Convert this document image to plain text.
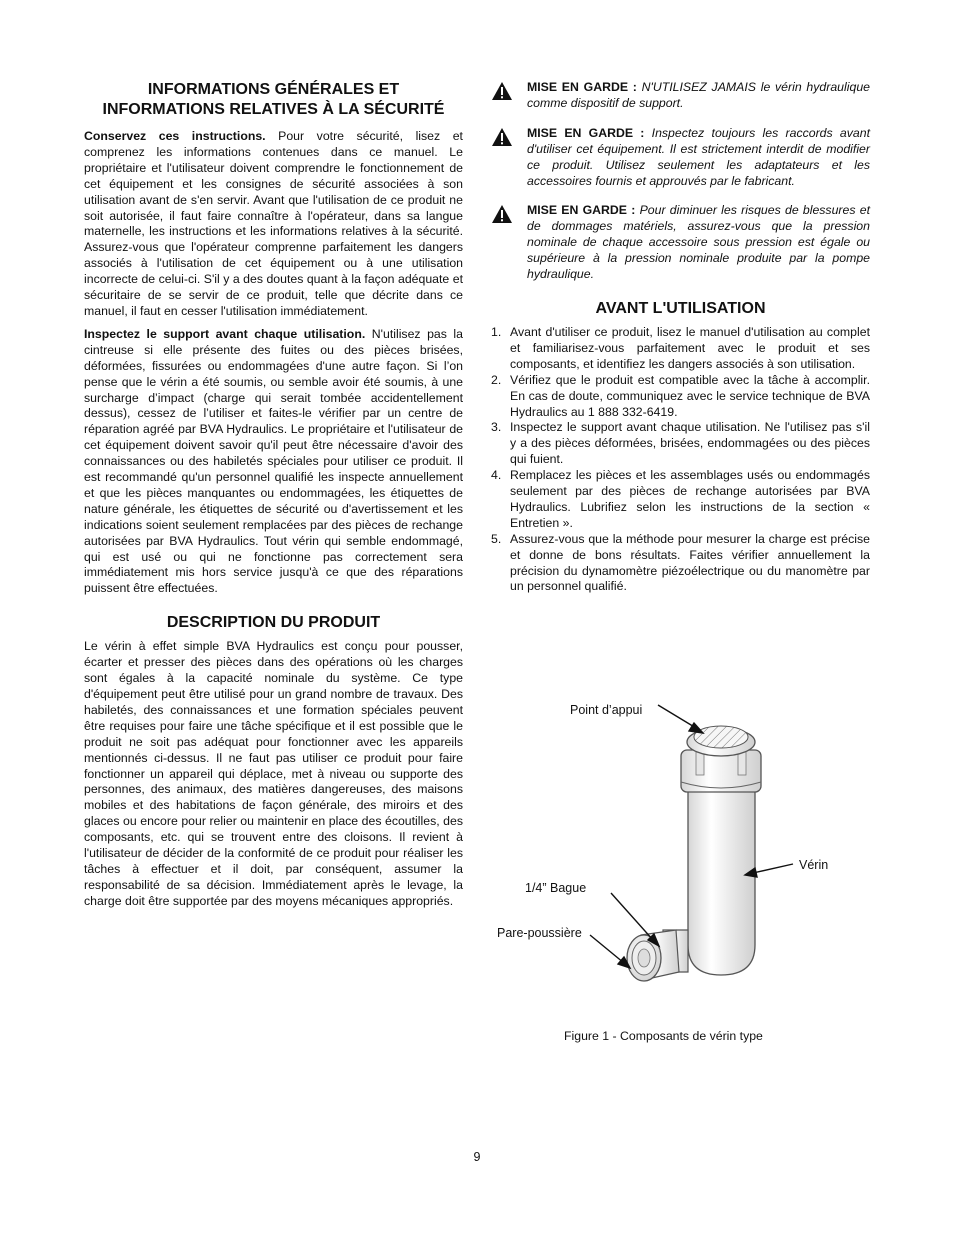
INFORMATIONS GÉNÉRALES ET
INFORMATIONS RELATIVES À LA SÉCURITÉ

Conservez ces instructions. Pour votre sécurité, lisez et comprenez les informations contenues dans ce manuel. Le propriétaire et l'utilisateur doivent comprendre le fonctionnement de cet équipement et les consignes de sécurité associées à son utilisation avant de s'en servir. Avant que l'utilisation de ce produit ne soit autorisée, il faut faire connaître à l'opérateur, dans sa langue maternelle, les instructions et les informations relatives à la sécurité. Assurez-vous que l'opérateur comprenne parfaitement les dangers associés à l'utilisation de cet équipement ou à une utilisation incorrecte de celui-ci. S'il y a des doutes quant à la façon adéquate et sécuritaire de se servir de ce produit, telle que décrite dans ce manuel, il faut en cesser l'utilisation immédiatement.

Inspectez le support avant chaque utilisation. N'utilisez pas la cintreuse si elle présente des fuites ou des pièces brisées, déformées, fissurées ou endommagées d'une autre façon. Si l’on pense que le vérin a été soumis, ou semble avoir été soumis, à une surcharge d’impact (charge qui serait tombée accidentellement dessus), cessez de l’utiliser et faites-le vérifier par un centre de réparation agréé par BVA Hydraulics. Le propriétaire et l'utilisateur de cet équipement doivent savoir qu'il peut être nécessaire d'avoir des connaissances ou des habiletés spéciales pour utiliser ce produit. Il est recommandé qu'un personnel qualifié les inspecte annuellement et que les pièces manquantes ou endommagées, les étiquettes de nature générale, les étiquettes de sécurité ou d'avertissement et les indications soient seulement remplacées par des pièces de rechange autorisées par BVA Hydraulics. Tout vérin qui semble endommagé, qui est usé ou qui ne fonctionne pas correctement sera immédiatement mis hors service jusqu'à ce que des réparations puissent être effectuées.

DESCRIPTION DU PRODUIT

Le vérin à effet simple BVA Hydraulics est conçu pour pousser, écarter et presser des pièces dans des opérations où les charges sont égales à la capacité nominale du système. Ce type d'équipement peut être utilisé pour un grand nombre de travaux. Des habiletés, des connaissances et une formation spéciales peuvent être requises pour faire une tâche spécifique et il est possible que le produit ne soit pas adéquat pour fonctionner avec les appareils mentionnés ci-dessus. Il ne faut pas utiliser ce produit pour faire fonctionner un appareil qui déplace, met à niveau ou supporte des personnes, des animaux, des matières dangereuses, des maisons mobiles et des habitations de façon générale, des miroirs et des glaces ou encore pour relier ou maintenir en place des écoutilles, des composants, etc. qui se trouvent entre des cloisons. Il revient à l'utilisateur de décider de la conformité de ce produit pour réaliser les tâches à effectuer et il doit, par conséquent, assumer la responsabilité de sa décision. Immédiatement après le levage, la charge doit être supportée par des moyens mécaniques appropriés.

MISE EN GARDE : N'UTILISEZ JAMAIS le vérin hydraulique comme dispositif de support.
MISE EN GARDE : Inspectez toujours les raccords avant d'utiliser cet équipement. Il est strictement interdit de modifier ce produit. Utilisez seulement les adaptateurs et les accessoires fournis et approuvés par le fabricant.
MISE EN GARDE : Pour diminuer les risques de blessures et de dommages matériels, assurez-vous que la pression nominale de chaque accessoire sous pression est égale ou supérieure à la pression nominale produite par la pompe hydraulique.
AVANT L'UTILISATION
1. Avant d'utiliser ce produit, lisez le manuel d'utilisation au complet et familiarisez-vous parfaitement avec le produit et ses composants, et identifiez les dangers associés à son utilisation.
2. Vérifiez que le produit est compatible avec la tâche à accomplir. En cas de doute, communiquez avec le service technique de BVA Hydraulics au 1 888 332-6419.
3. Inspectez le support avant chaque utilisation. Ne l'utilisez pas s'il y a des pièces déformées, brisées, endommagées ou des pièces qui fuient.
4. Remplacez les pièces et les assemblages usés ou endommagés seulement par des pièces de rechange autorisées par BVA Hydraulics. Lubrifiez selon les instructions de la section « Entretien ».
5. Assurez-vous que la méthode pour mesurer la charge est précise et donne de bons résultats. Faites vérifier annuellement la précision du dynamomètre piézoélectrique ou du manomètre par un personnel qualifié.
Point d’appui
Vérin
1/4” Bague
Pare-poussière
Figure 1 - Composants de vérin type
9
